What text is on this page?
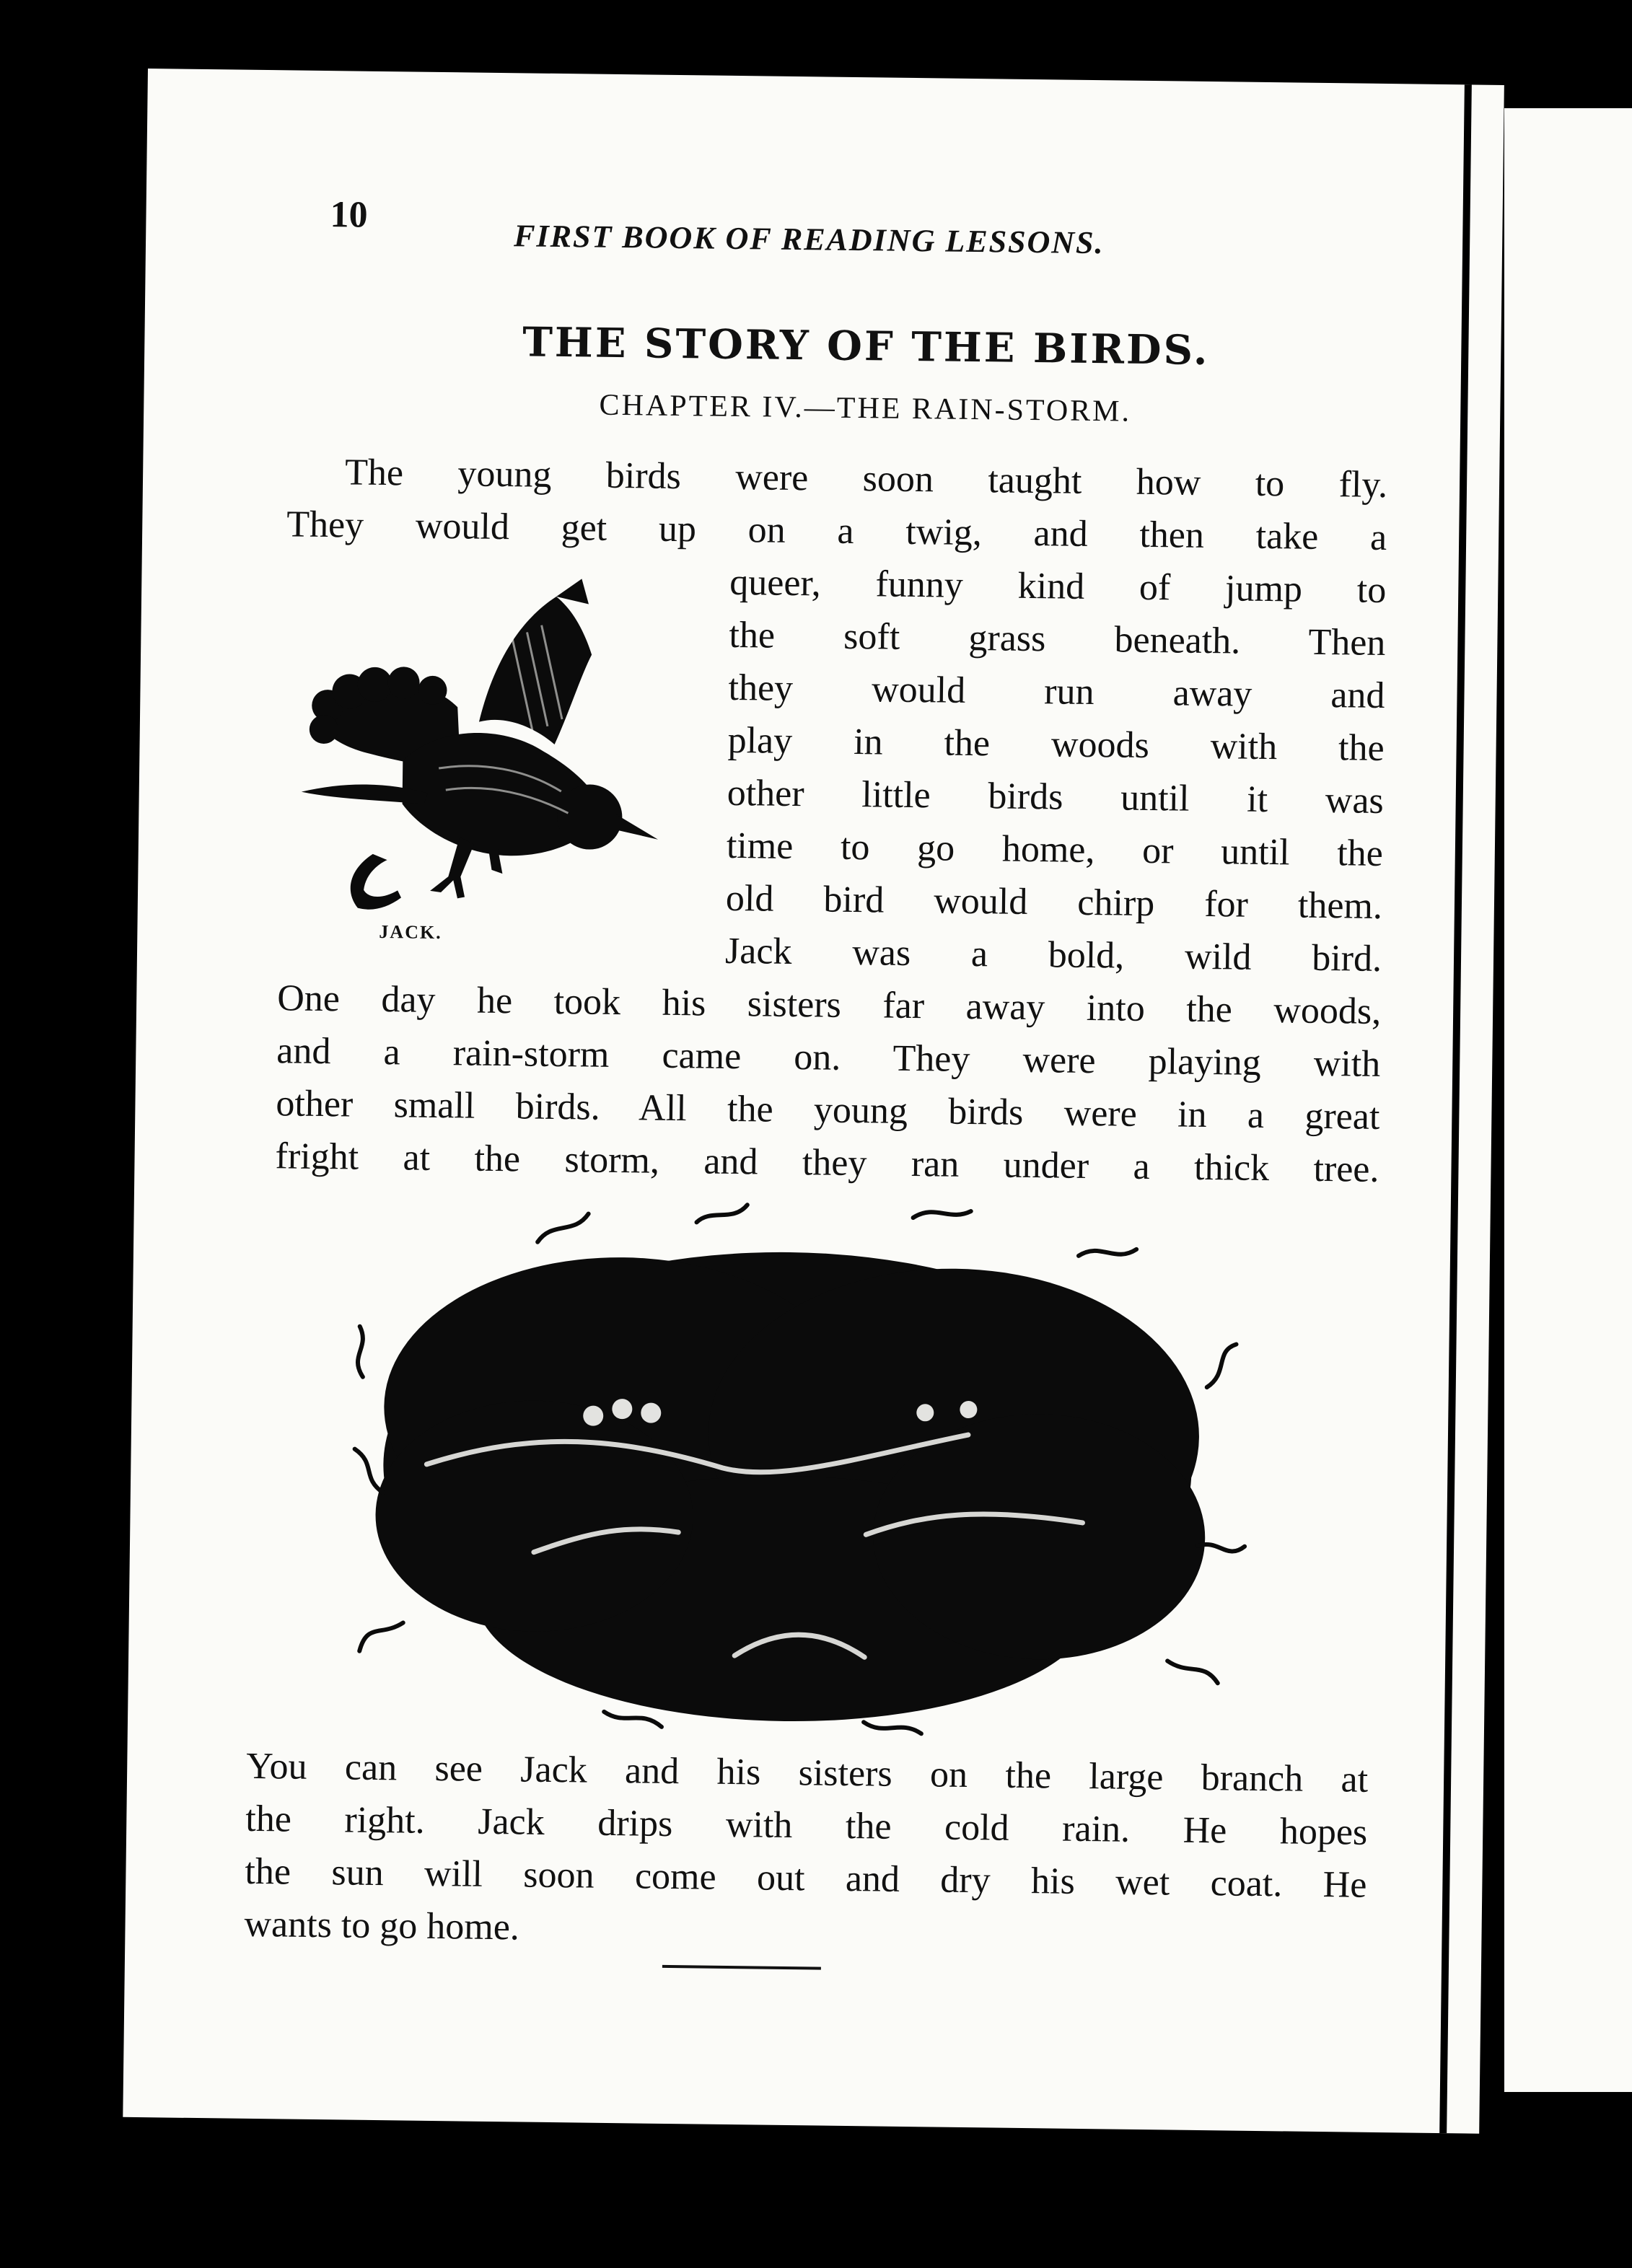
10
FIRST BOOK OF READING LESSONS.
THE STORY OF THE BIRDS.
CHAPTER IV.—THE RAIN-STORM.
The young birds were soon taught how to fly.
They would get up on a twig, and then take a
JACK.
queer, funny kind of jump to
the soft grass beneath. Then
they would run away and
play in the woods with the
other little birds until it was
time to go home, or until the
old bird would chirp for them.
Jack was a bold, wild bird.
One day he took his sisters far away into the woods,
and a rain-storm came on. They were playing with
other small birds. All the young birds were in a great
fright at the storm, and they ran under a thick tree.
You can see Jack and his sisters on the large branch at
the right. Jack drips with the cold rain. He hopes
the sun will soon come out and dry his wet coat. He
wants to go home.
